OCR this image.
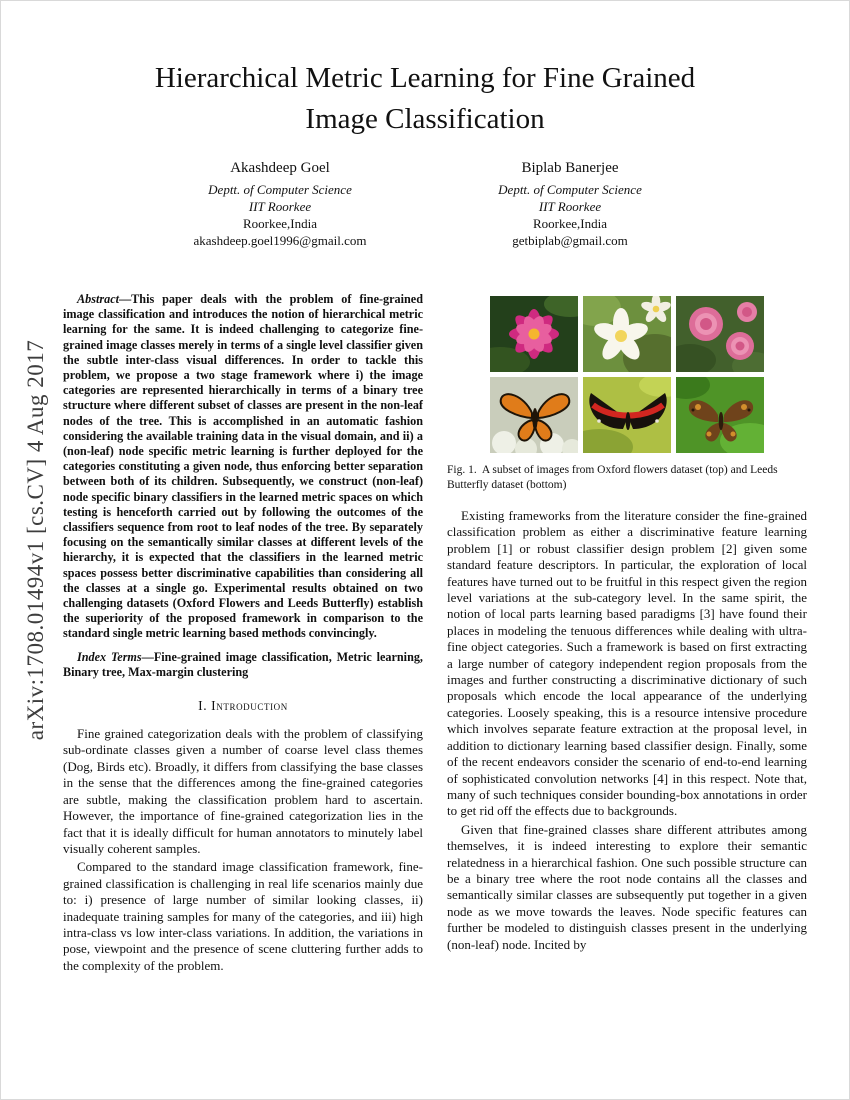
arXiv:1708.01494v1 [cs.CV] 4 Aug 2017
Hierarchical Metric Learning for Fine Grained
Image Classification
Akashdeep Goel
Deptt. of Computer Science
IIT Roorkee
Roorkee,India
akashdeep.goel1996@gmail.com
Biplab Banerjee
Deptt. of Computer Science
IIT Roorkee
Roorkee,India
getbiplab@gmail.com

Abstract—This paper deals with the problem of fine-grained image classification and introduces the notion of hierarchical metric learning for the same. It is indeed challenging to categorize fine-grained image classes merely in terms of a single level classifier given the subtle inter-class visual differences. In order to tackle this problem, we propose a two stage framework where i) the image categories are represented hierarchically in terms of a binary tree structure where different subset of classes are present in the non-leaf nodes of the tree. This is accomplished in an automatic fashion considering the available training data in the visual domain, and ii) a (non-leaf) node specific metric learning is further deployed for the categories constituting a given node, thus enforcing better separation between both of its children. Subsequently, we construct (non-leaf) node specific binary classifiers in the learned metric spaces on which testing is henceforth carried out by following the outcomes of the classifiers sequence from root to leaf nodes of the tree. By separately focusing on the semantically similar classes at different levels of the hierarchy, it is expected that the classifiers in the learned metric spaces possess better discriminative capabilities than considering all the classes at a single go. Experimental results obtained on two challenging datasets (Oxford Flowers and Leeds Butterfly) establish the superiority of the proposed framework in comparison to the standard single metric learning based methods convincingly.

Index Terms—Fine-grained image classification, Metric learning, Binary tree, Max-margin clustering

I. Introduction

Fine grained categorization deals with the problem of classifying sub-ordinate classes given a number of coarse level class themes (Dog, Birds etc). Broadly, it differs from classifying the base classes in the sense that the differences among the fine-grained categories are subtle, making the classification problem hard to ascertain. However, the importance of fine-grained categorization lies in the fact that it is ideally difficult for human annotators to minutely label visually coherent samples.

Compared to the standard image classification framework, fine-grained classification is challenging in real life scenarios mainly due to: i) presence of large number of similar looking classes, ii) inadequate training samples for many of the categories, and iii) high intra-class vs low inter-class variations. In addition, the variations in pose, viewpoint and the presence of scene cluttering further adds to the complexity of the problem.

Fig. 1. A subset of images from Oxford flowers dataset (top) and Leeds Butterfly dataset (bottom)

Existing frameworks from the literature consider the fine-grained classification problem as either a discriminative feature learning problem [1] or robust classifier design problem [2] given some standard feature descriptors. In particular, the exploration of local features have turned out to be fruitful in this respect given the region level variations at the sub-category level. In the same spirit, the notion of local parts learning based paradigms [3] have found their places in modeling the tenuous differences while dealing with ultra-fine object categories. Such a framework is based on first extracting a large number of category independent region proposals from the images and further constructing a discriminative dictionary of such proposals which encode the local appearance of the underlying categories. Loosely speaking, this is a resource intensive procedure which involves separate feature extraction at the proposal level, in addition to dictionary learning based classifier design. Finally, some of the recent endeavors consider the scenario of end-to-end learning of sophisticated convolution networks [4] in this respect. Note that, many of such techniques consider bounding-box annotations in order to get rid off the effects due to backgrounds.

Given that fine-grained classes share different attributes among themselves, it is indeed interesting to explore their semantic relatedness in a hierarchical fashion. One such possible structure can be a binary tree where the root node contains all the classes and semantically similar classes are subsequently put together in a given node as we move towards the leaves. Node specific features can further be modeled to distinguish classes present in the underlying (non-leaf) node. Incited by
